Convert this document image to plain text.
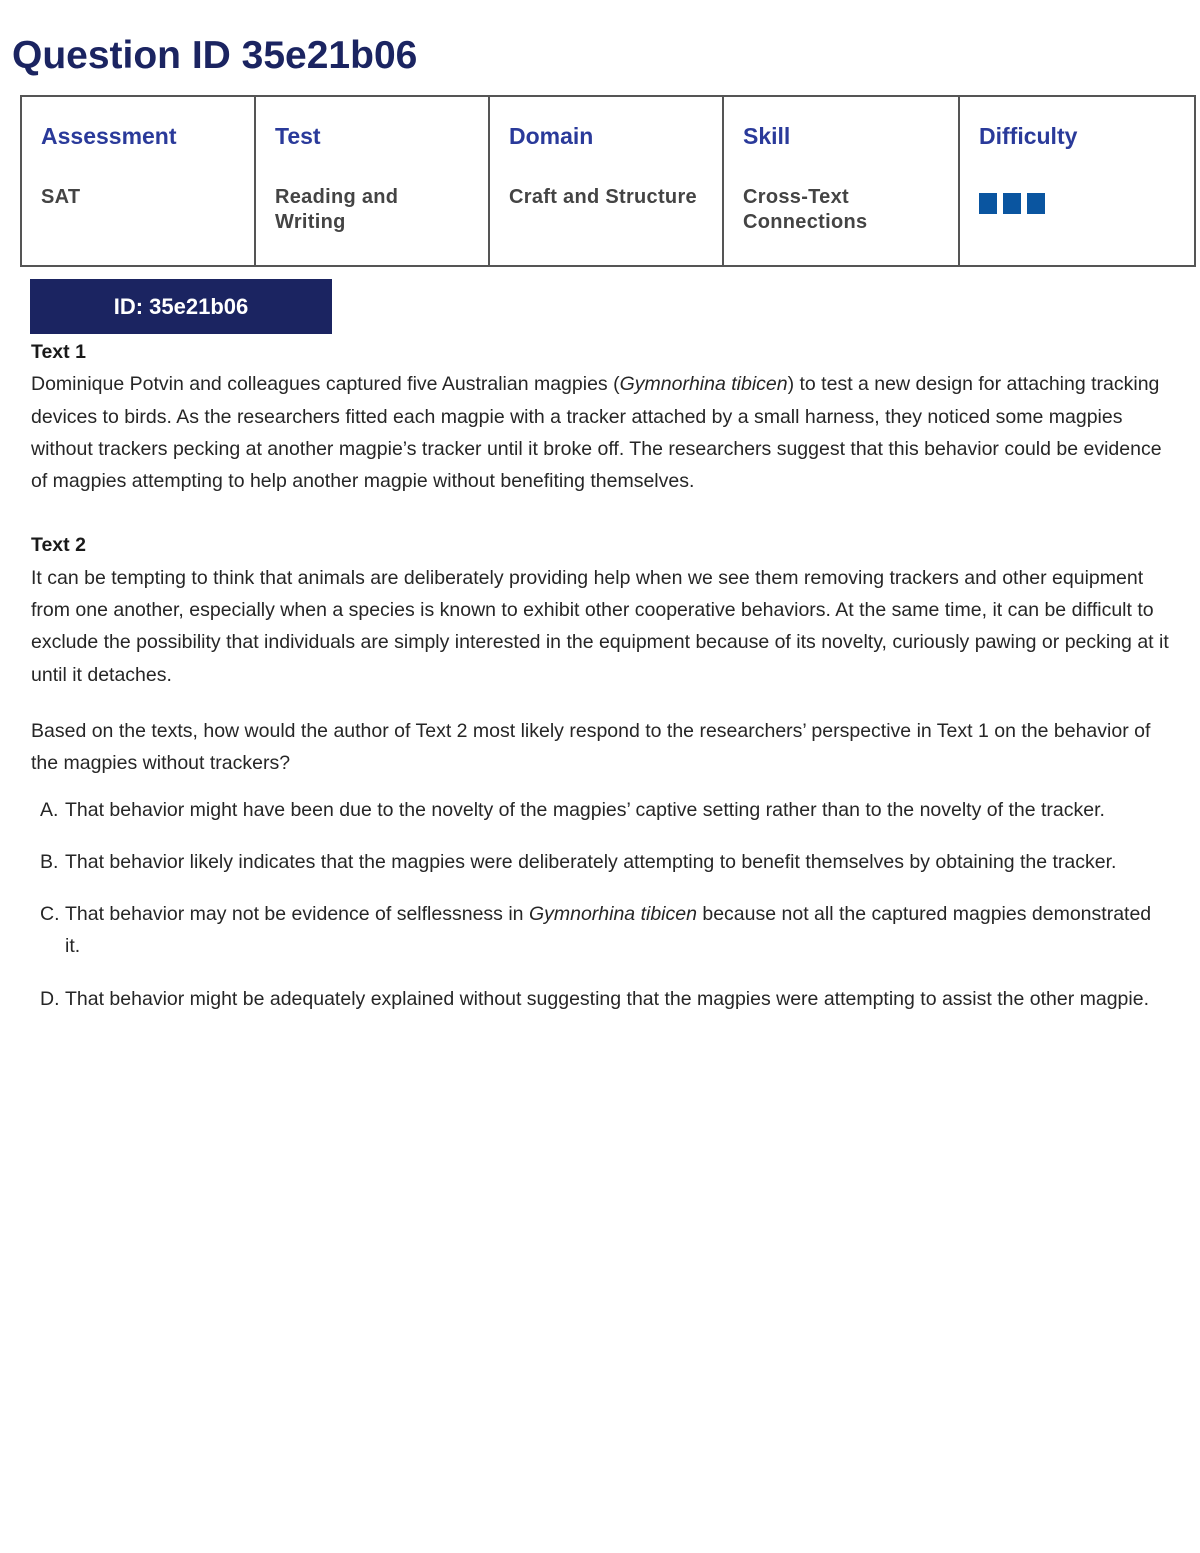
Question ID 35e21b06
Assessment
SAT
Test
Reading and Writing
Domain
Craft and Structure
Skill
Cross-Text
Connections
Difficulty
ID: 35e21b06
Text 1

Dominique Potvin and colleagues captured five Australian magpies (Gymnorhina tibicen) to test a new design for attaching tracking devices to birds. As the researchers fitted each magpie with a tracker attached by a small harness, they noticed some magpies without trackers pecking at another magpie’s tracker until it broke off. The researchers suggest that this behavior could be evidence of magpies attempting to help another magpie without benefiting themselves.

Text 2

It can be tempting to think that animals are deliberately providing help when we see them removing trackers and other equipment from one another, especially when a species is known to exhibit other cooperative behaviors. At the same time, it can be difficult to exclude the possibility that individuals are simply interested in the equipment because of its novelty, curiously pawing or pecking at it until it detaches.

Based on the texts, how would the author of Text 2 most likely respond to the researchers’ perspective in Text 1 on the behavior of the magpies without trackers?

A. That behavior might have been due to the novelty of the magpies’ captive setting rather than to the novelty of the tracker.
B. That behavior likely indicates that the magpies were deliberately attempting to benefit themselves by obtaining the tracker.
C. That behavior may not be evidence of selflessness in Gymnorhina tibicen because not all the captured magpies demonstrated it.
D. That behavior might be adequately explained without suggesting that the magpies were attempting to assist the other magpie.
